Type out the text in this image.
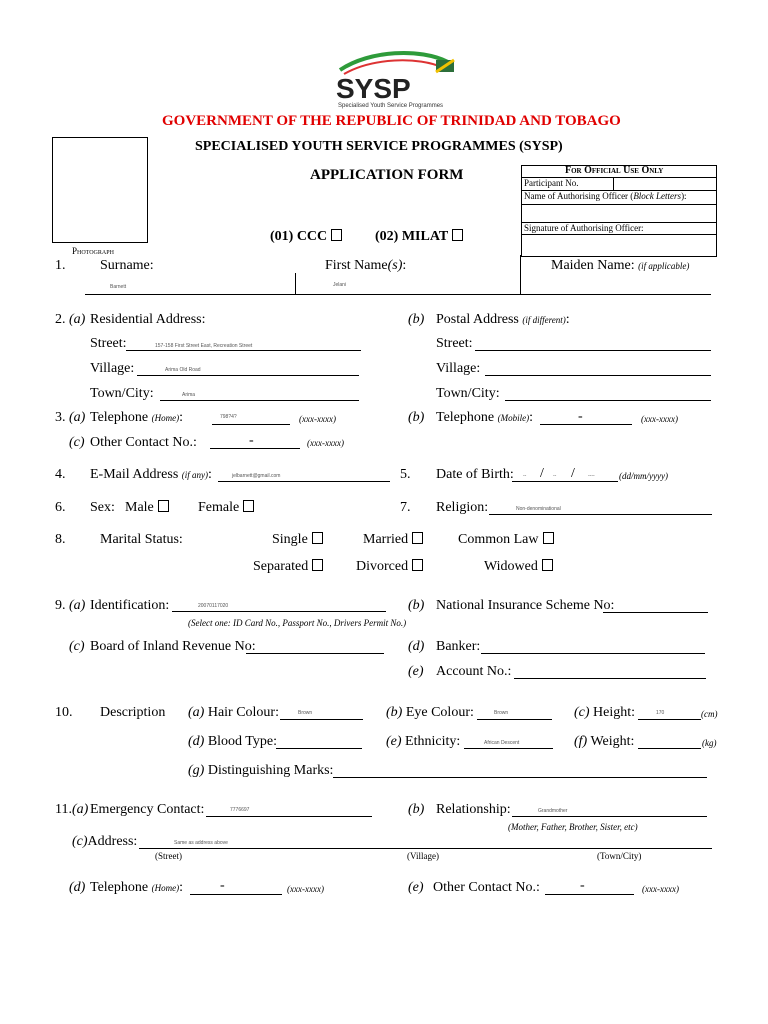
SYSP
Specialised Youth Service Programmes
GOVERNMENT OF THE REPUBLIC OF TRINIDAD AND TOBAGO
SPECIALISED YOUTH SERVICE PROGRAMMES (SYSP)
APPLICATION FORM
Photograph
(01) CCC	(02) MILAT
For Official Use Only
Participant No.
Name of Authorising Officer (Block Letters):
Signature of Authorising Officer:
1. Surname:	First Name(s):	Maiden Name: (if applicable)
Barnett	Jelani
2. (a) Residential Address:
Street:	157-158 First Street East, Recreation Street
Village:	Arima Old Road
Town/City:	Arima
(b) Postal Address (if different):
Street:
Village:
Town/City:
3. (a) Telephone (Home):	798?4?	(xxx-xxxx)	(b) Telephone (Mobile):	-	(xxx-xxxx)
(c) Other Contact No.:	-	(xxx-xxxx)
4. E-Mail Address (if any):	jelbarnett@gmail.com	5. Date of Birth: -- / -- /	----	(dd/mm/yyyy)
6. Sex: Male	Female	7. Religion:	Non-denominational
8. Marital Status:	Single	Married	Common Law
Separated	Divorced	Widowed
9. (a) Identification:	20070117020
(Select one: ID Card No., Passport No., Drivers Permit No.)
(b) National Insurance Scheme No:
(c) Board of Inland Revenue No:	(d) Banker:
(e) Account No.:
10. Description (a) Hair Colour:	Brown	(b) Eye Colour:	Brown	(c) Height:	170	(cm)
(d) Blood Type:	(e) Ethnicity:	African Descent	(f) Weight:	(kg)
(g) Distinguishing Marks:
11.(a) Emergency Contact:	7776697	(b) Relationship:	Grandmother
(Mother, Father, Brother, Sister, etc)
(c)Address:	Same as address above
(Street)	(Village)	(Town/City)
(d) Telephone (Home):	-	(xxx-xxxx)	(e) Other Contact No.:	-	(xxx-xxxx)
